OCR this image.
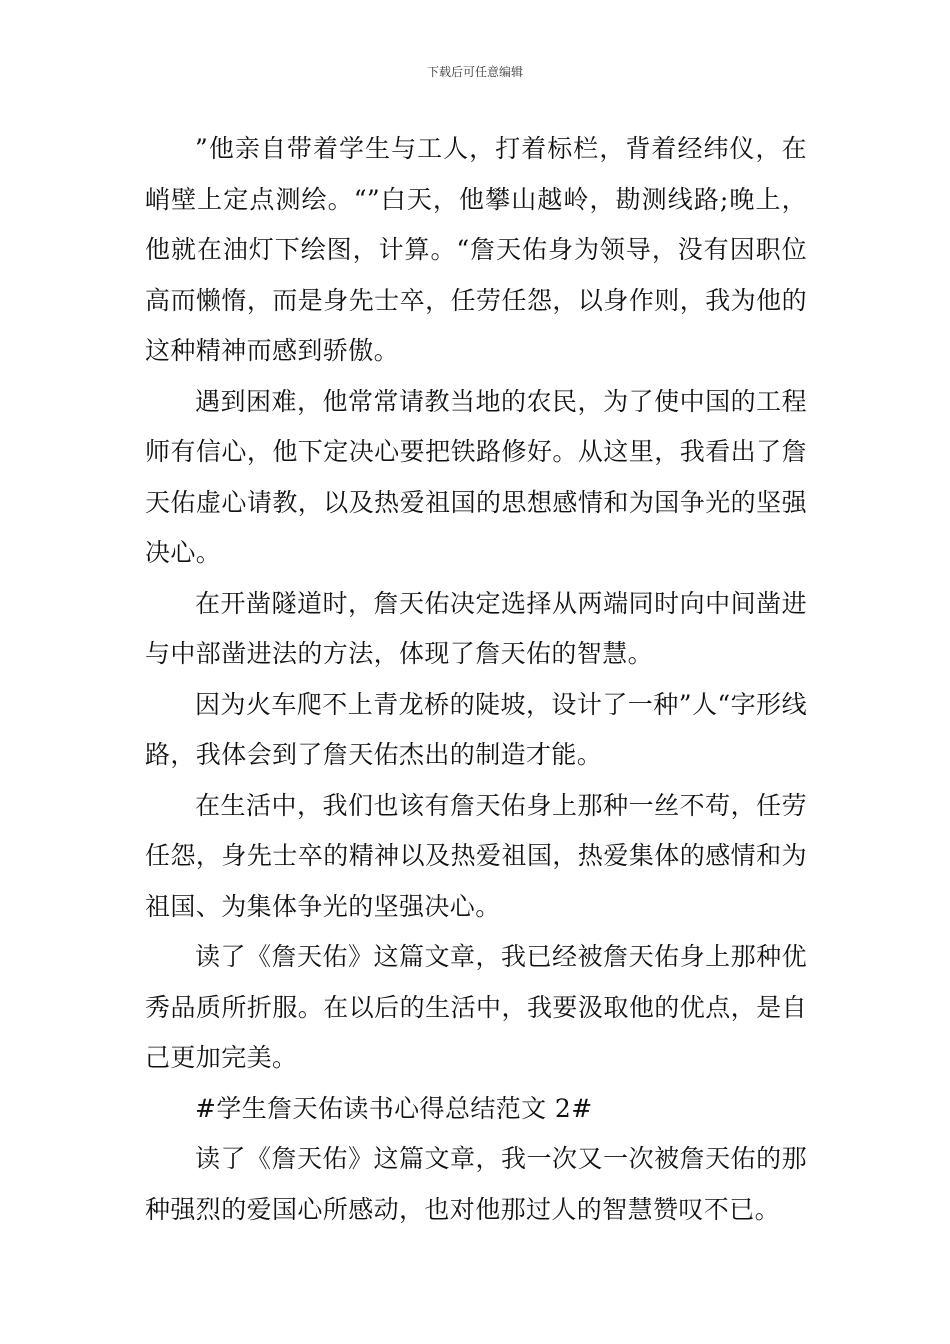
下载后可任意编辑

”他亲自带着学生与工人，打着标栏，背着经纬仪，在峭壁上定点测绘。“”白天，他攀山越岭，勘测线路;晚上，他就在油灯下绘图，计算。“詹天佑身为领导，没有因职位高而懒惰，而是身先士卒，任劳任怨，以身作则，我为他的这种精神而感到骄傲。

遇到困难，他常常请教当地的农民，为了使中国的工程师有信心，他下定决心要把铁路修好。从这里，我看出了詹天佑虚心请教，以及热爱祖国的思想感情和为国争光的坚强决心。

在开凿隧道时，詹天佑决定选择从两端同时向中间凿进与中部凿进法的方法，体现了詹天佑的智慧。

因为火车爬不上青龙桥的陡坡，设计了一种”人“字形线路，我体会到了詹天佑杰出的制造才能。

在生活中，我们也该有詹天佑身上那种一丝不苟，任劳任怨，身先士卒的精神以及热爱祖国，热爱集体的感情和为祖国、为集体争光的坚强决心。

读了《詹天佑》这篇文章，我已经被詹天佑身上那种优秀品质所折服。在以后的生活中，我要汲取他的优点，是自己更加完美。

#学生詹天佑读书心得总结范文 2#

读了《詹天佑》这篇文章，我一次又一次被詹天佑的那种强烈的爱国心所感动，也对他那过人的智慧赞叹不已。
